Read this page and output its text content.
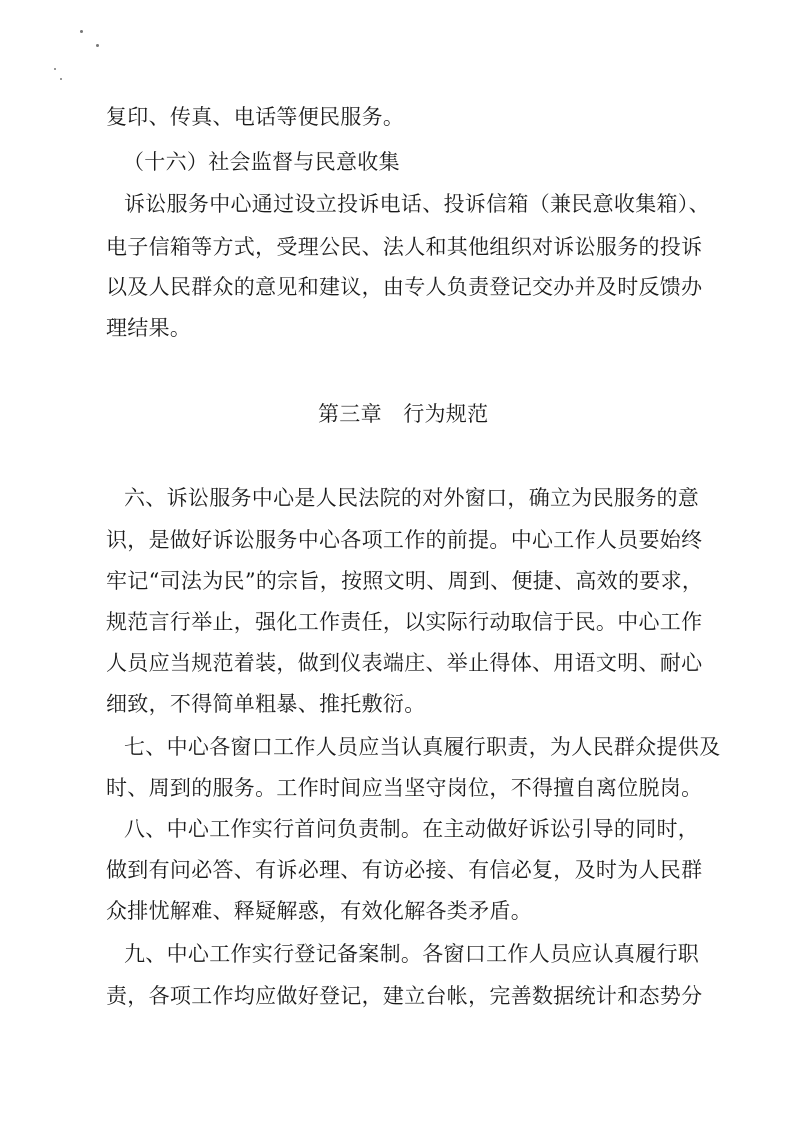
复印、传真、电话等便民服务。
（十六）社会监督与民意收集
诉讼服务中心通过设立投诉电话、投诉信箱（兼民意收集箱）、
电子信箱等方式，受理公民、法人和其他组织对诉讼服务的投诉
以及人民群众的意见和建议，由专人负责登记交办并及时反馈办
理结果。
第三章　行为规范
六、诉讼服务中心是人民法院的对外窗口，确立为民服务的意
识，是做好诉讼服务中心各项工作的前提。中心工作人员要始终
牢记“司法为民”的宗旨，按照文明、周到、便捷、高效的要求，
规范言行举止，强化工作责任，以实际行动取信于民。中心工作
人员应当规范着装，做到仪表端庄、举止得体、用语文明、耐心
细致，不得简单粗暴、推托敷衍。
七、中心各窗口工作人员应当认真履行职责，为人民群众提供及
时、周到的服务。工作时间应当坚守岗位，不得擅自离位脱岗。
八、中心工作实行首问负责制。在主动做好诉讼引导的同时，
做到有问必答、有诉必理、有访必接、有信必复，及时为人民群
众排忧解难、释疑解惑，有效化解各类矛盾。
九、中心工作实行登记备案制。各窗口工作人员应认真履行职
责，各项工作均应做好登记，建立台帐，完善数据统计和态势分
